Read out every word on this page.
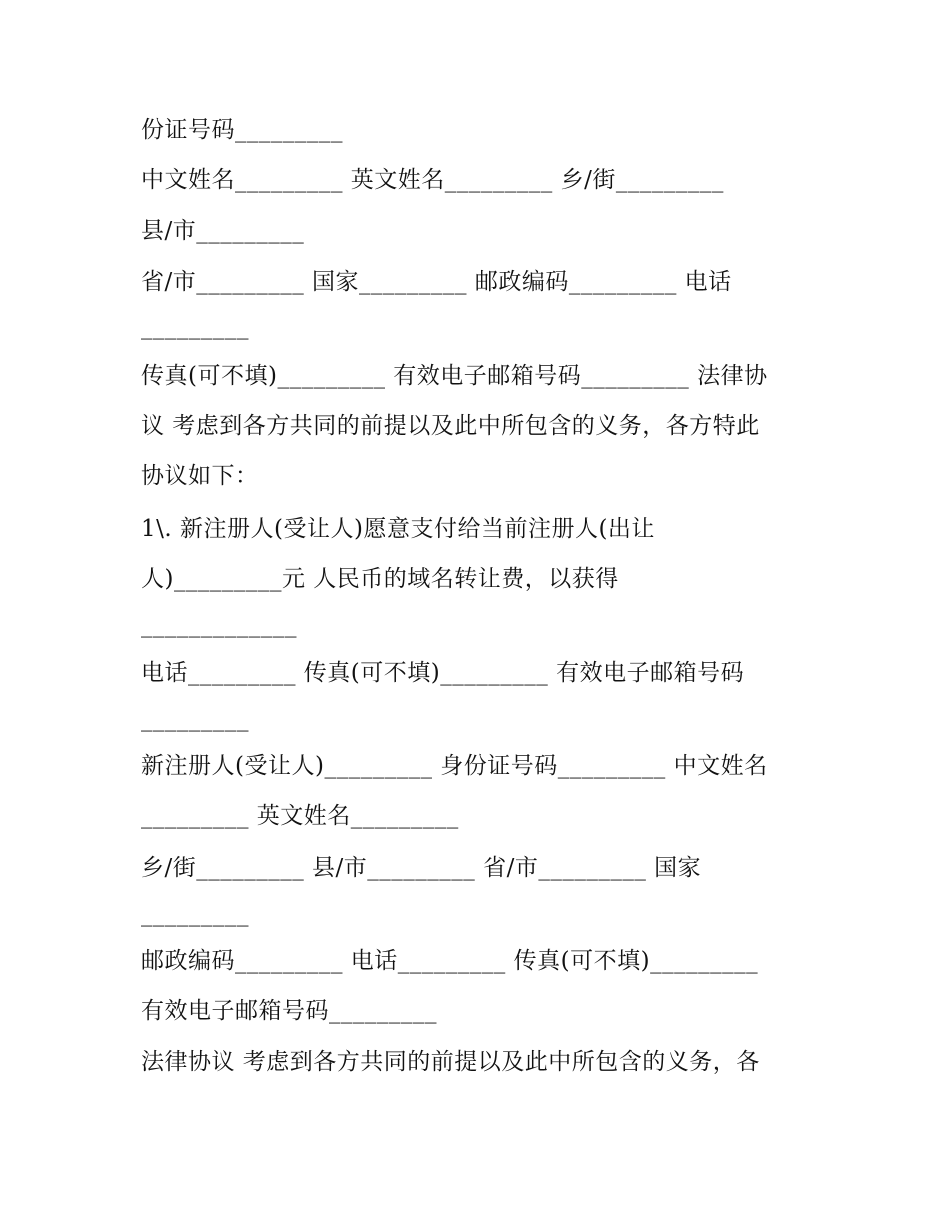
份证号码_________

中文姓名_________ 英文姓名_________ 乡/街_________

县/市_________

省/市_________ 国家_________ 邮政编码_________ 电话

_________

传真(可不填)_________ 有效电子邮箱号码_________ 法律协

议 考虑到各方共同的前提以及此中所包含的义务，各方特此

协议如下：

1\. 新注册人(受让人)愿意支付给当前注册人(出让

人)_________元 人民币的域名转让费，以获得

_____________

电话_________ 传真(可不填)_________ 有效电子邮箱号码

_________

新注册人(受让人)_________ 身份证号码_________ 中文姓名

_________ 英文姓名_________

乡/街_________ 县/市_________ 省/市_________ 国家

_________

邮政编码_________ 电话_________ 传真(可不填)_________

有效电子邮箱号码_________

法律协议 考虑到各方共同的前提以及此中所包含的义务，各
